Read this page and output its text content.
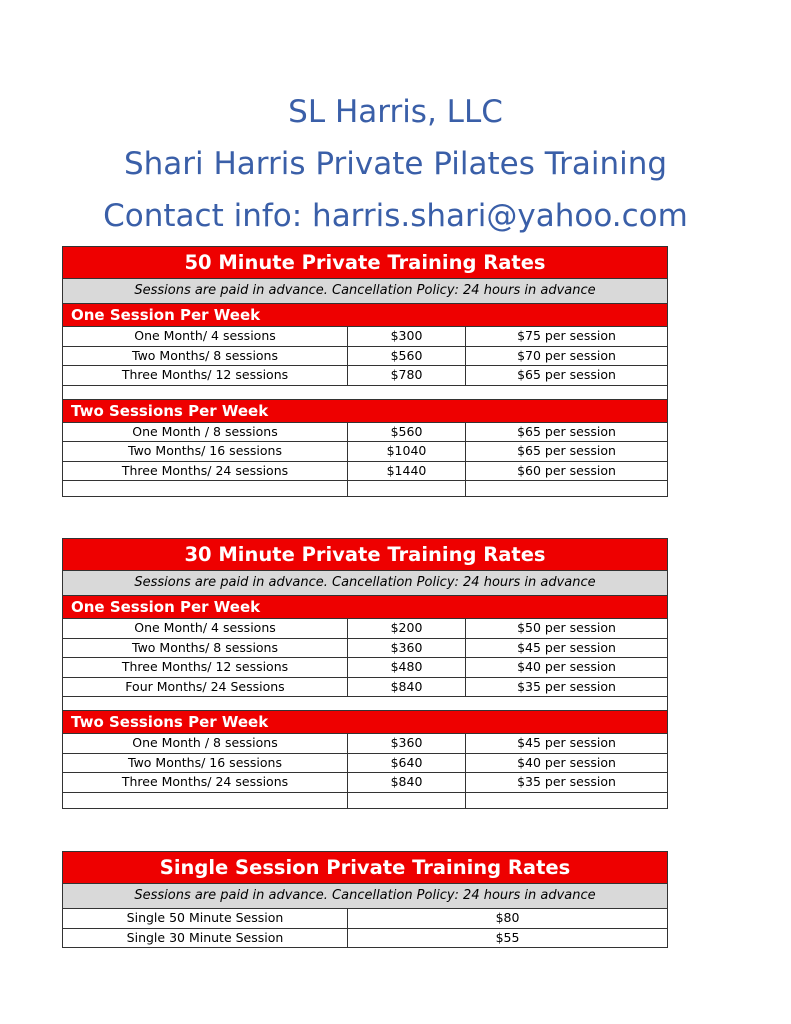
SL Harris, LLC
Shari Harris Private Pilates Training
Contact info: harris.shari@yahoo.com
50 Minute Private Training Rates		
Sessions are paid in advance. Cancellation Policy: 24 hours in advance		
One Session Per Week		
One Month/ 4 sessions	$300	$75 per session
Two Months/ 8 sessions	$560	$70 per session
Three Months/ 12 sessions	$780	$65 per session

Two Sessions Per Week		
One Month / 8 sessions	$560	$65 per session
Two Months/ 16 sessions	$1040	$65 per session
Three Months/ 24 sessions	$1440	$60 per session

30 Minute Private Training Rates		
Sessions are paid in advance. Cancellation Policy: 24 hours in advance		
One Session Per Week		
One Month/ 4 sessions	$200	$50 per session
Two Months/ 8 sessions	$360	$45 per session
Three Months/ 12 sessions	$480	$40 per session
Four Months/ 24 Sessions	$840	$35 per session

Two Sessions Per Week		
One Month / 8 sessions	$360	$45 per session
Two Months/ 16 sessions	$640	$40 per session
Three Months/ 24 sessions	$840	$35 per session

Single Session Private Training Rates	
Sessions are paid in advance. Cancellation Policy: 24 hours in advance	
Single 50 Minute Session	$80
Single 30 Minute Session	$55
